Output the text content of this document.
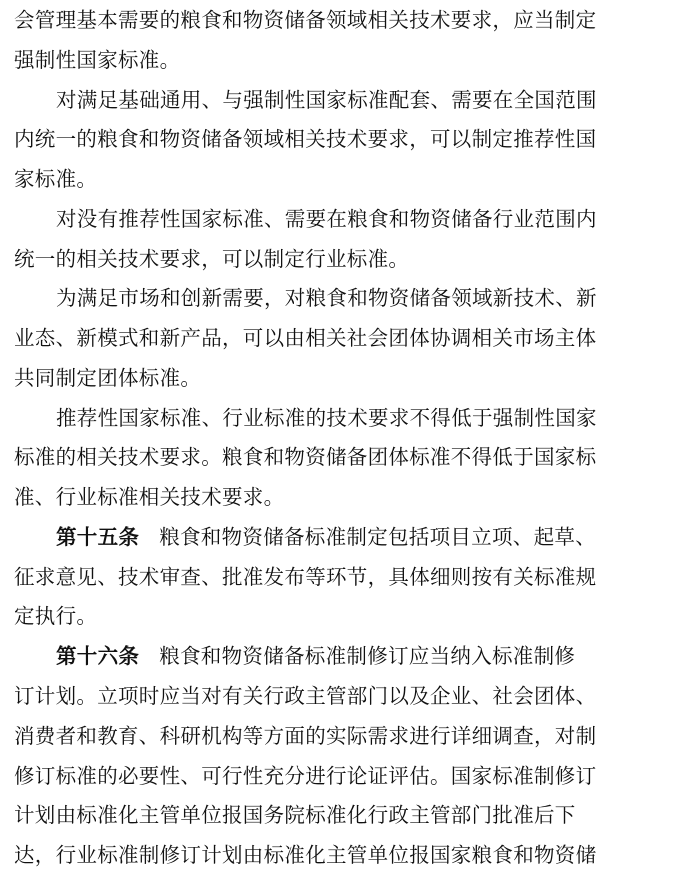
会管理基本需要的粮食和物资储备领域相关技术要求，应当制定
强制性国家标准。
对满足基础通用、与强制性国家标准配套、需要在全国范围
内统一的粮食和物资储备领域相关技术要求，可以制定推荐性国
家标准。
对没有推荐性国家标准、需要在粮食和物资储备行业范围内
统一的相关技术要求，可以制定行业标准。
为满足市场和创新需要，对粮食和物资储备领域新技术、新
业态、新模式和新产品，可以由相关社会团体协调相关市场主体
共同制定团体标准。
推荐性国家标准、行业标准的技术要求不得低于强制性国家
标准的相关技术要求。粮食和物资储备团体标准不得低于国家标
准、行业标准相关技术要求。
第十五条 粮食和物资储备标准制定包括项目立项、起草、
征求意见、技术审查、批准发布等环节，具体细则按有关标准规
定执行。
第十六条 粮食和物资储备标准制修订应当纳入标准制修
订计划。立项时应当对有关行政主管部门以及企业、社会团体、
消费者和教育、科研机构等方面的实际需求进行详细调查，对制
修订标准的必要性、可行性充分进行论证评估。国家标准制修订
计划由标准化主管单位报国务院标准化行政主管部门批准后下
达，行业标准制修订计划由标准化主管单位报国家粮食和物资储
